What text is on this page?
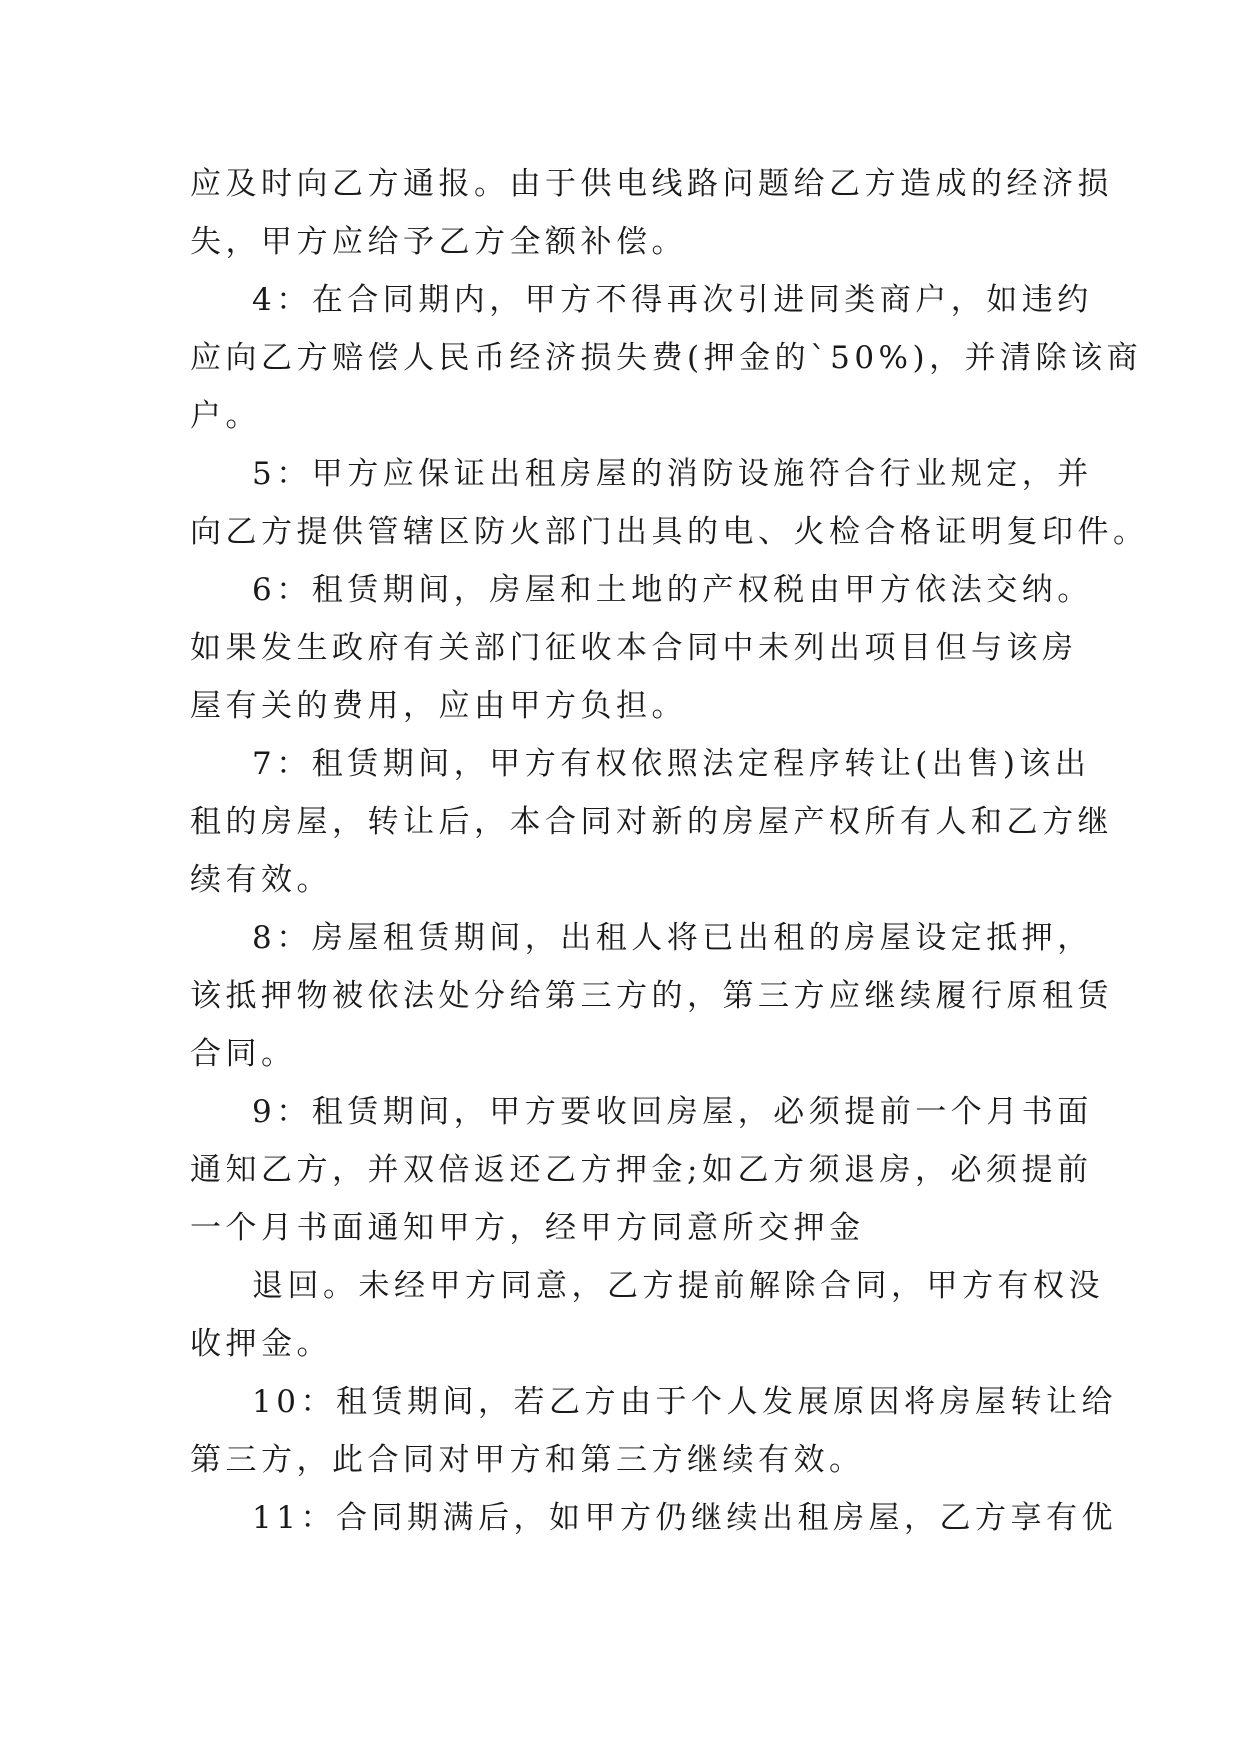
应及时向乙方通报。由于供电线路问题给乙方造成的经济损
失，甲方应给予乙方全额补偿。
4：在合同期内，甲方不得再次引进同类商户，如违约
应向乙方赔偿人民币经济损失费(押金的`50%)，并清除该商
户。
5：甲方应保证出租房屋的消防设施符合行业规定，并
向乙方提供管辖区防火部门出具的电、火检合格证明复印件。
6：租赁期间，房屋和土地的产权税由甲方依法交纳。
如果发生政府有关部门征收本合同中未列出项目但与该房
屋有关的费用，应由甲方负担。
7：租赁期间，甲方有权依照法定程序转让(出售)该出
租的房屋，转让后，本合同对新的房屋产权所有人和乙方继
续有效。
8：房屋租赁期间，出租人将已出租的房屋设定抵押，
该抵押物被依法处分给第三方的，第三方应继续履行原租赁
合同。
9：租赁期间，甲方要收回房屋，必须提前一个月书面
通知乙方，并双倍返还乙方押金;如乙方须退房，必须提前
一个月书面通知甲方，经甲方同意所交押金
退回。未经甲方同意，乙方提前解除合同，甲方有权没
收押金。
10：租赁期间，若乙方由于个人发展原因将房屋转让给
第三方，此合同对甲方和第三方继续有效。
11：合同期满后，如甲方仍继续出租房屋，乙方享有优
